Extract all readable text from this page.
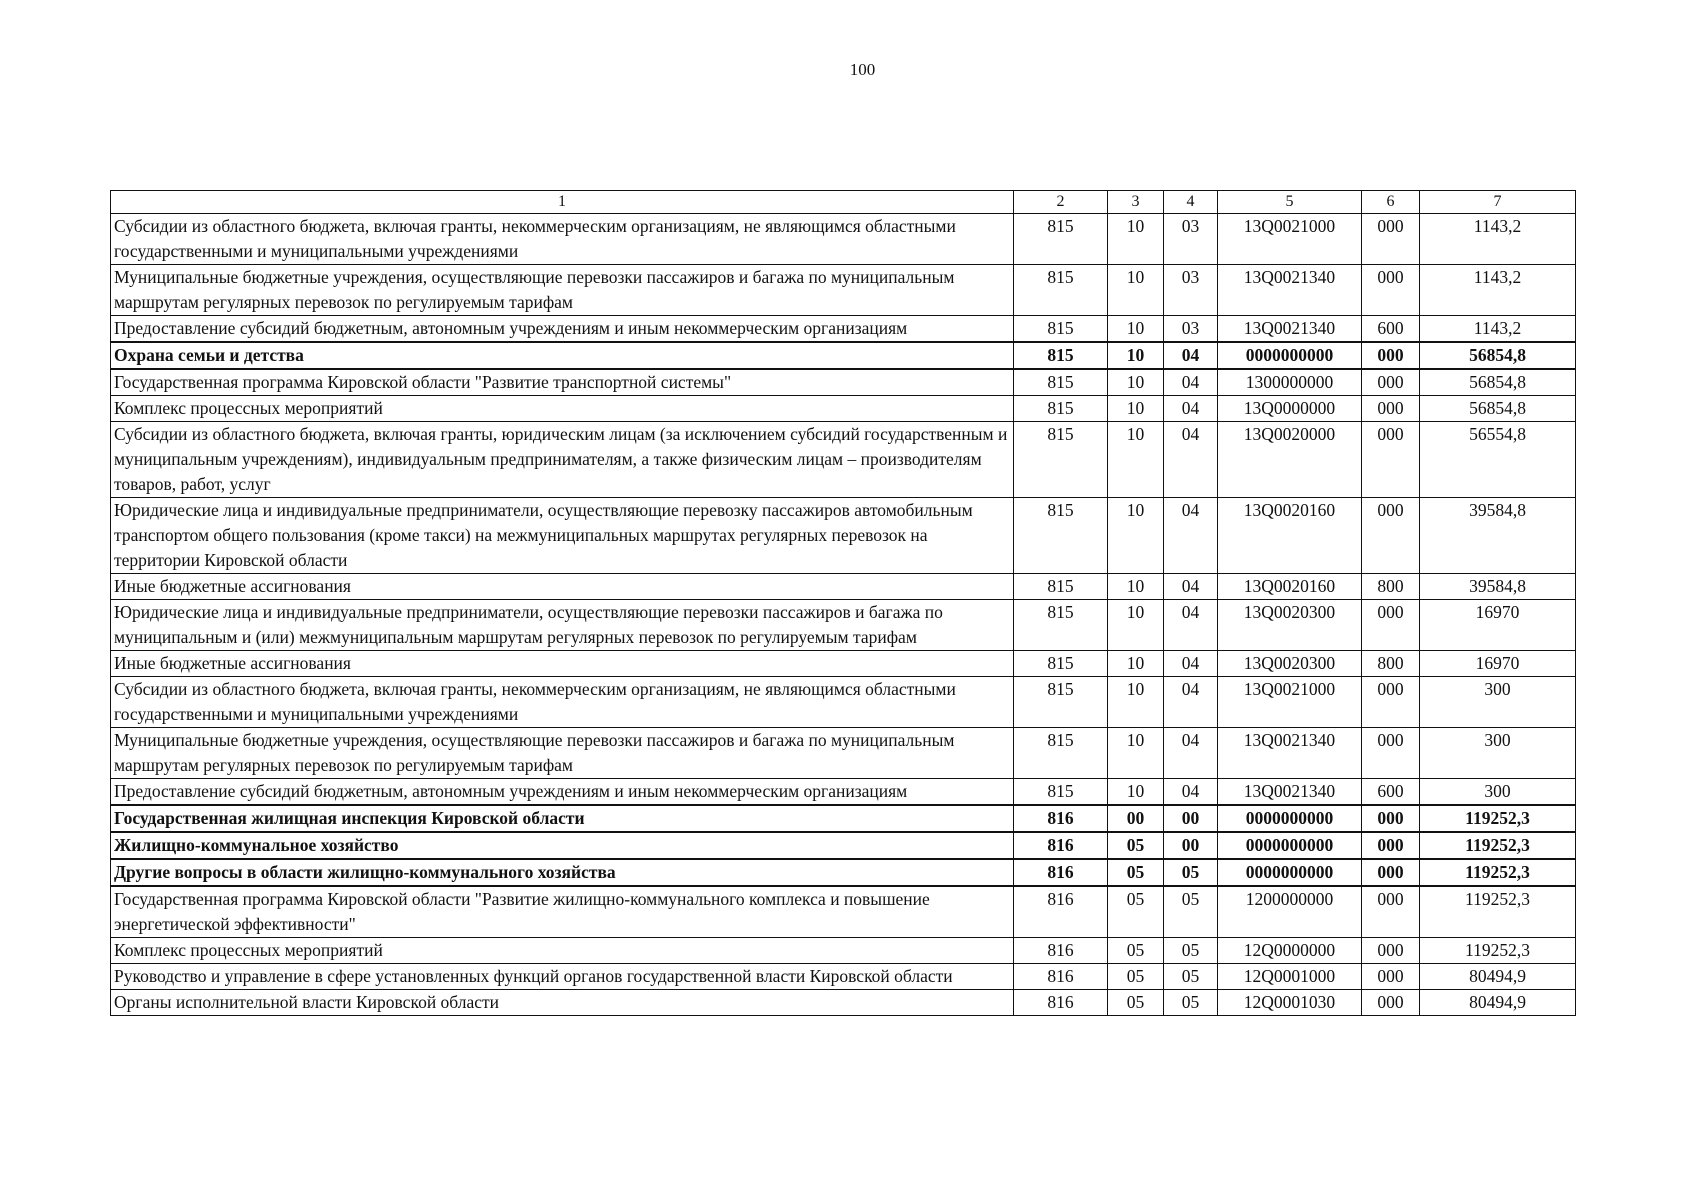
100
1	2	3	4	5	6	7
Субсидии из областного бюджета, включая гранты, некоммерческим организациям, не являющимся областными государственными и муниципальными учреждениями	815	10	03	13Q0021000	000	1143,2
Муниципальные бюджетные учреждения, осуществляющие перевозки пассажиров и багажа по муниципальным маршрутам регулярных перевозок по регулируемым тарифам	815	10	03	13Q0021340	000	1143,2
Предоставление субсидий бюджетным, автономным учреждениям и иным некоммерческим организациям	815	10	03	13Q0021340	600	1143,2
Охрана семьи и детства	815	10	04	0000000000	000	56854,8
Государственная программа Кировской области "Развитие транспортной системы"	815	10	04	1300000000	000	56854,8
Комплекс процессных мероприятий	815	10	04	13Q0000000	000	56854,8
Субсидии из областного бюджета, включая гранты, юридическим лицам (за исключением субсидий государственным и муниципальным учреждениям), индивидуальным предпринимателям, а также физическим лицам – производителям товаров, работ, услуг	815	10	04	13Q0020000	000	56554,8
Юридические лица и индивидуальные предприниматели, осуществляющие перевозку пассажиров автомобильным транспортом общего пользования (кроме такси) на межмуниципальных маршрутах регулярных перевозок на территории Кировской области	815	10	04	13Q0020160	000	39584,8
Иные бюджетные ассигнования	815	10	04	13Q0020160	800	39584,8
Юридические лица и индивидуальные предприниматели, осуществляющие перевозки пассажиров и багажа по муниципальным и (или) межмуниципальным маршрутам регулярных перевозок по регулируемым тарифам	815	10	04	13Q0020300	000	16970
Иные бюджетные ассигнования	815	10	04	13Q0020300	800	16970
Субсидии из областного бюджета, включая гранты, некоммерческим организациям, не являющимся областными государственными и муниципальными учреждениями	815	10	04	13Q0021000	000	300
Муниципальные бюджетные учреждения, осуществляющие перевозки пассажиров и багажа по муниципальным маршрутам регулярных перевозок по регулируемым тарифам	815	10	04	13Q0021340	000	300
Предоставление субсидий бюджетным, автономным учреждениям и иным некоммерческим организациям	815	10	04	13Q0021340	600	300
Государственная жилищная инспекция Кировской области	816	00	00	0000000000	000	119252,3
Жилищно-коммунальное хозяйство	816	05	00	0000000000	000	119252,3
Другие вопросы в области жилищно-коммунального хозяйства	816	05	05	0000000000	000	119252,3
Государственная программа Кировской области "Развитие жилищно-коммунального комплекса и повышение энергетической эффективности"	816	05	05	1200000000	000	119252,3
Комплекс процессных мероприятий	816	05	05	12Q0000000	000	119252,3
Руководство и управление в сфере установленных функций органов государственной власти Кировской области	816	05	05	12Q0001000	000	80494,9
Органы исполнительной власти Кировской области	816	05	05	12Q0001030	000	80494,9
